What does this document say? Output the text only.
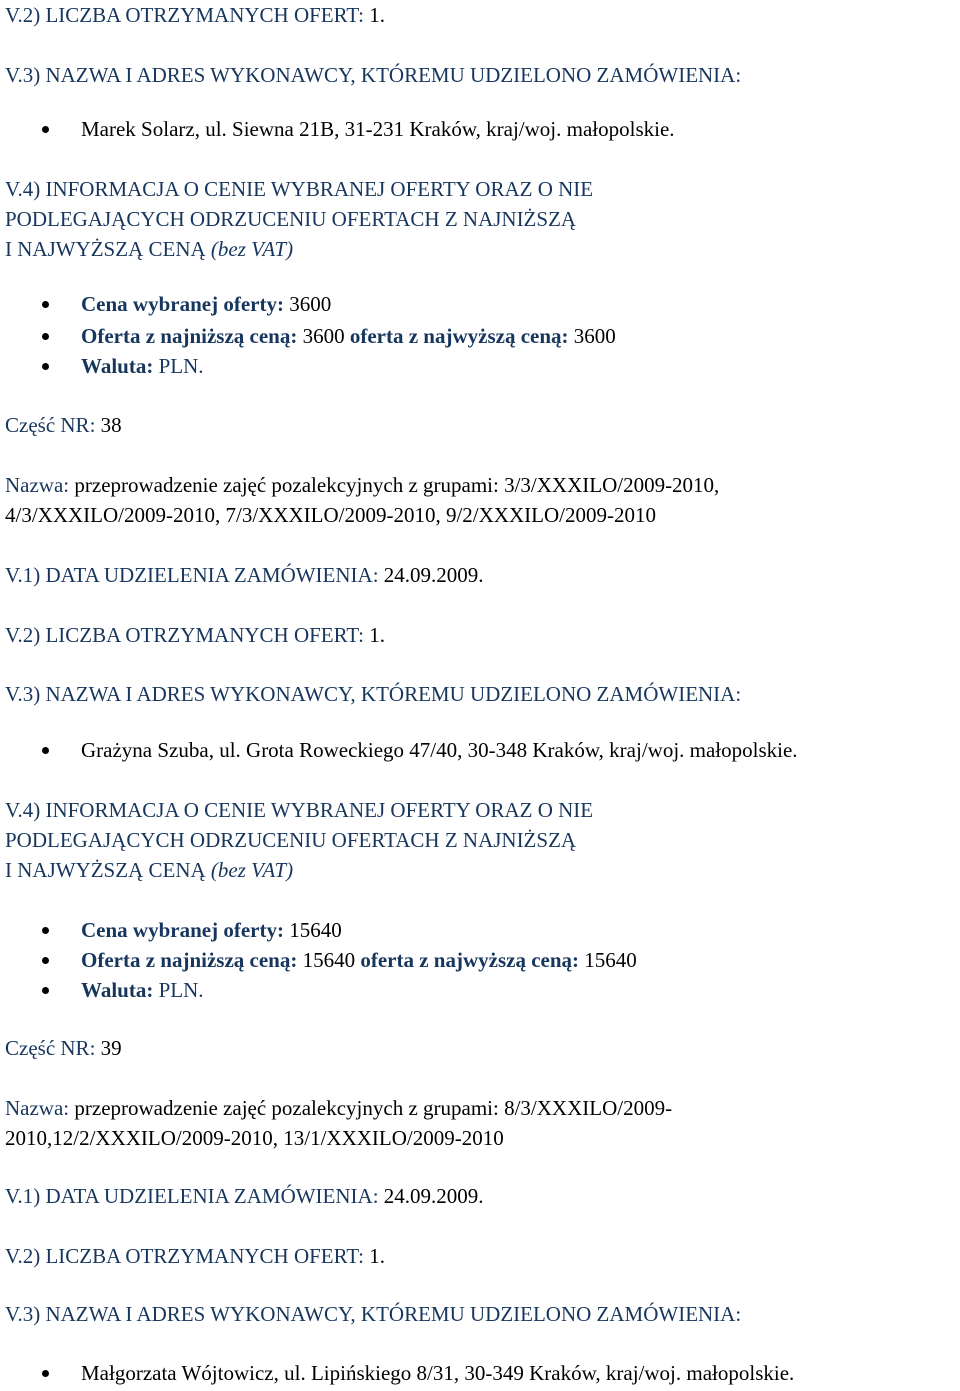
V.2) LICZBA OTRZYMANYCH OFERT: 1.
V.3) NAZWA I ADRES WYKONAWCY, KTÓREMU UDZIELONO ZAMÓWIENIA:
Marek Solarz, ul. Siewna 21B, 31-231 Kraków, kraj/woj. małopolskie.
V.4) INFORMACJA O CENIE WYBRANEJ OFERTY ORAZ O NIE
PODLEGAJĄCYCH ODRZUCENIU OFERTACH Z NAJNIŻSZĄ
I NAJWYŻSZĄ CENĄ (bez VAT)
Cena wybranej oferty: 3600
Oferta z najniższą ceną: 3600 oferta z najwyższą ceną: 3600
Waluta: PLN.
Część NR: 38
Nazwa: przeprowadzenie zajęć pozalekcyjnych z grupami: 3/3/XXXILO/2009-2010,
4/3/XXXILO/2009-2010, 7/3/XXXILO/2009-2010, 9/2/XXXILO/2009-2010
V.1) DATA UDZIELENIA ZAMÓWIENIA: 24.09.2009.
V.2) LICZBA OTRZYMANYCH OFERT: 1.
V.3) NAZWA I ADRES WYKONAWCY, KTÓREMU UDZIELONO ZAMÓWIENIA:
Grażyna Szuba, ul. Grota Roweckiego 47/40, 30-348 Kraków, kraj/woj. małopolskie.
V.4) INFORMACJA O CENIE WYBRANEJ OFERTY ORAZ O NIE
PODLEGAJĄCYCH ODRZUCENIU OFERTACH Z NAJNIŻSZĄ
I NAJWYŻSZĄ CENĄ (bez VAT)
Cena wybranej oferty: 15640
Oferta z najniższą ceną: 15640 oferta z najwyższą ceną: 15640
Waluta: PLN.
Część NR: 39
Nazwa: przeprowadzenie zajęć pozalekcyjnych z grupami: 8/3/XXXILO/2009-
2010,12/2/XXXILO/2009-2010, 13/1/XXXILO/2009-2010
V.1) DATA UDZIELENIA ZAMÓWIENIA: 24.09.2009.
V.2) LICZBA OTRZYMANYCH OFERT: 1.
V.3) NAZWA I ADRES WYKONAWCY, KTÓREMU UDZIELONO ZAMÓWIENIA:
Małgorzata Wójtowicz, ul. Lipińskiego 8/31, 30-349 Kraków, kraj/woj. małopolskie.
